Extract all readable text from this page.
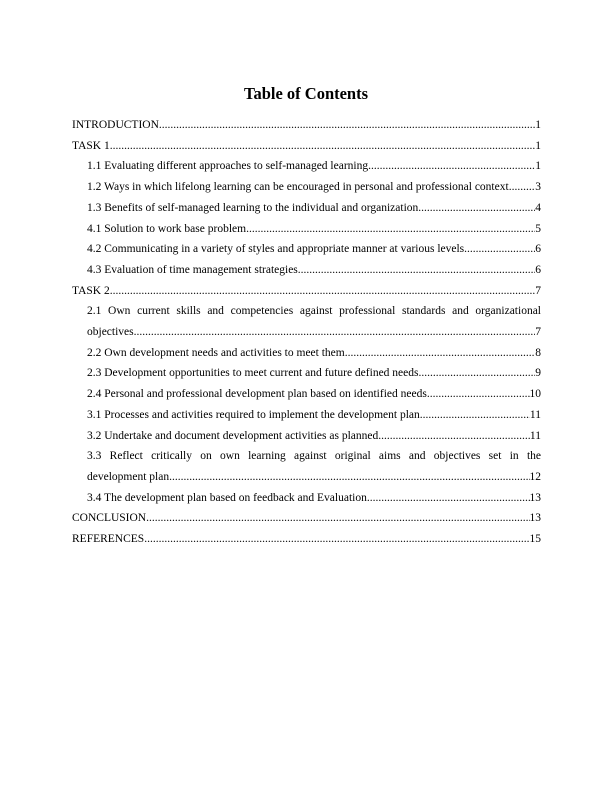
Table of Contents
INTRODUCTION .....	1
TASK 1 .....	1
1.1 Evaluating different approaches to self-managed learning .....	1
1.2 Ways in which lifelong learning can be encouraged in personal and professional context ..... 3
1.3 Benefits of self-managed learning to the individual and organization .....	4
4.1 Solution to work base problem .....	5
4.2 Communicating in a variety of styles and appropriate manner at various levels .....	6
4.3 Evaluation of time management strategies .....	6
TASK 2 .....	7
2.1 Own current skills and competencies against professional standards and organizational
objectives .....	7
2.2 Own development needs and activities to meet them .....	8
2.3 Development opportunities to meet current and future defined needs .....	9
2.4 Personal and professional development plan based on identified needs .....	10
3.1 Processes and activities required to implement the development plan .....	11
3.2 Undertake and document development activities as planned .....	11
3.3 Reflect critically on own learning against original aims and objectives set in the
development plan .....	12
3.4 The development plan based on feedback and Evaluation .....	13
CONCLUSION .....	13
REFERENCES .....	15
